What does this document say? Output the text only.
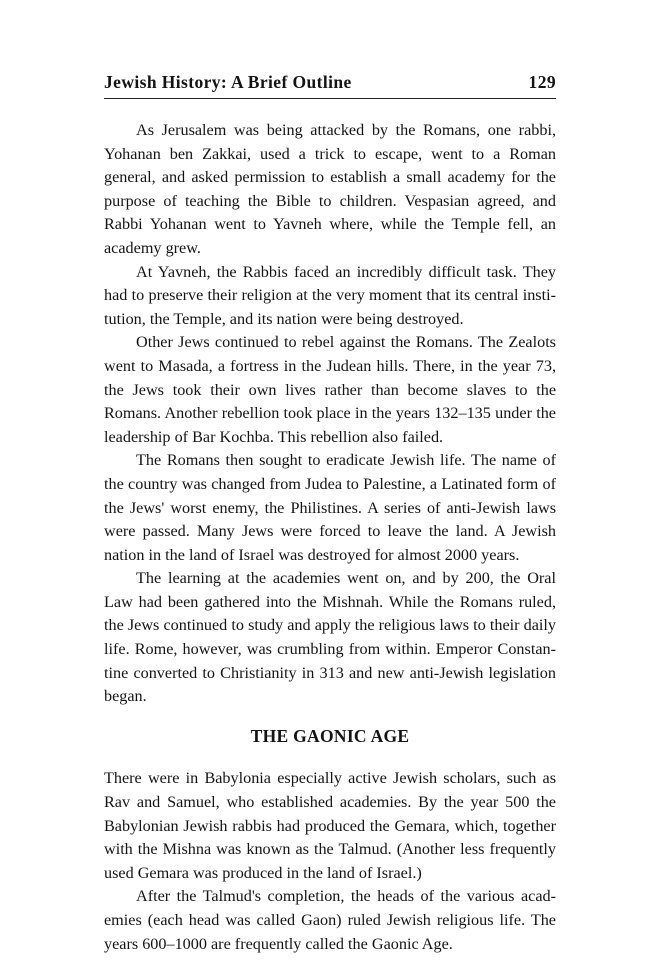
Jewish History: A Brief Outline	129

As Jerusalem was being attacked by the Romans, one rabbi, Yohanan ben Zakkai, used a trick to escape, went to a Roman general, and asked permission to establish a small academy for the purpose of teaching the Bible to children. Vespasian agreed, and Rabbi Yohanan went to Yavneh where, while the Temple fell, an academy grew.

At Yavneh, the Rabbis faced an incredibly difficult task. They had to preserve their religion at the very moment that its central institution, the Temple, and its nation were being destroyed.

Other Jews continued to rebel against the Romans. The Zealots went to Masada, a fortress in the Judean hills. There, in the year 73, the Jews took their own lives rather than become slaves to the Romans. Another rebellion took place in the years 132–135 under the leadership of Bar Kochba. This rebellion also failed.

The Romans then sought to eradicate Jewish life. The name of the country was changed from Judea to Palestine, a Latinated form of the Jews' worst enemy, the Philistines. A series of anti-Jewish laws were passed. Many Jews were forced to leave the land. A Jewish nation in the land of Israel was destroyed for almost 2000 years.

The learning at the academies went on, and by 200, the Oral Law had been gathered into the Mishnah. While the Romans ruled, the Jews continued to study and apply the religious laws to their daily life. Rome, however, was crumbling from within. Emperor Constantine converted to Christianity in 313 and new anti-Jewish legislation began.

THE GAONIC AGE

There were in Babylonia especially active Jewish scholars, such as Rav and Samuel, who established academies. By the year 500 the Babylonian Jewish rabbis had produced the Gemara, which, together with the Mishna was known as the Talmud. (Another less frequently used Gemara was produced in the land of Israel.)

After the Talmud's completion, the heads of the various academies (each head was called Gaon) ruled Jewish religious life. The years 600–1000 are frequently called the Gaonic Age.
